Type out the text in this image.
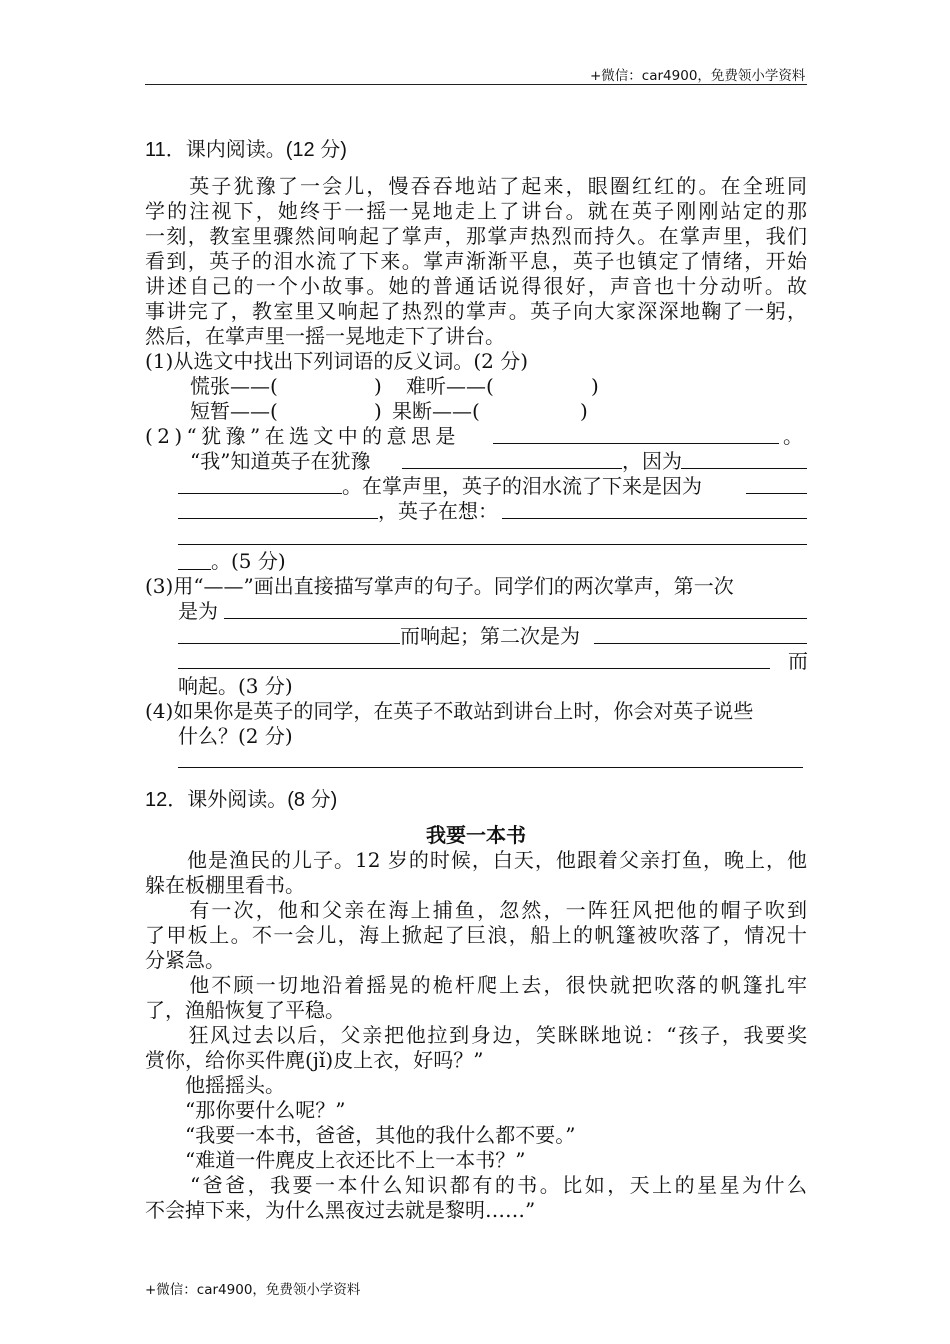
+微信：car4900，免费领小学资料
11．课内阅读。(12 分)
　　英子犹豫了一会儿，慢吞吞地站了起来，眼圈红红的。在全班同
学的注视下，她终于一摇一晃地走上了讲台。就在英子刚刚站定的那
一刻，教室里骤然间响起了掌声，那掌声热烈而持久。在掌声里，我们
看到，英子的泪水流了下来。掌声渐渐平息，英子也镇定了情绪，开始
讲述自己的一个小故事。她的普通话说得很好，声音也十分动听。故
事讲完了，教室里又响起了热烈的掌声。英子向大家深深地鞠了一躬，
然后，在掌声里一摇一晃地走下了讲台。
(1)从选文中找出下列词语的反义词。(2 分)
慌张——(	) 难听——(	)
短暂——(	) 果断——(	)
(2)“犹豫”在选文中的意思是	。
“我”知道英子在犹豫	，因为
。在掌声里，英子的泪水流了下来是因为
，英子在想：
。(5 分)
(3)用“——”画出直接描写掌声的句子。同学们的两次掌声，第一次
是为
而响起；第二次是为
而
响起。(3 分)
(4)如果你是英子的同学，在英子不敢站到讲台上时，你会对英子说些
什么？(2 分)
12．课外阅读。(8 分)
我要一本书
　　他是渔民的儿子。12 岁的时候，白天，他跟着父亲打鱼，晚上，他
躲在板棚里看书。
　　有一次，他和父亲在海上捕鱼，忽然，一阵狂风把他的帽子吹到
了甲板上。不一会儿，海上掀起了巨浪，船上的帆篷被吹落了，情况十
分紧急。
　　他不顾一切地沿着摇晃的桅杆爬上去，很快就把吹落的帆篷扎牢
了，渔船恢复了平稳。
　　狂风过去以后，父亲把他拉到身边，笑眯眯地说：“孩子，我要奖
赏你，给你买件麂(jǐ)皮上衣，好吗？”
　　他摇摇头。
　　“那你要什么呢？”
　　“我要一本书，爸爸，其他的我什么都不要。”
　　“难道一件麂皮上衣还比不上一本书？”
　　“爸爸，我要一本什么知识都有的书。比如，天上的星星为什么
不会掉下来，为什么黑夜过去就是黎明……”
+微信：car4900，免费领小学资料
